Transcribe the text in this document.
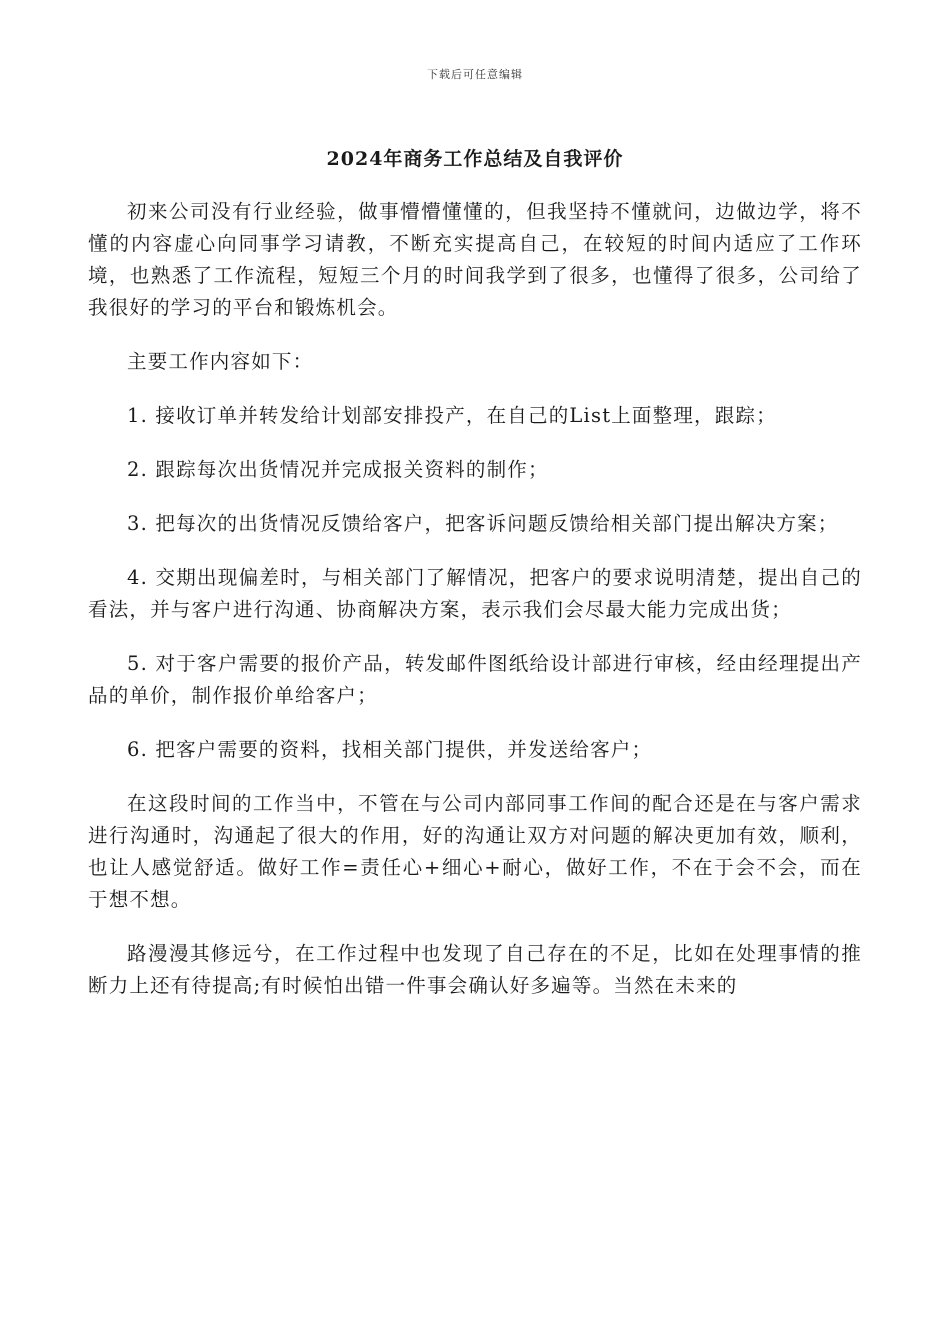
下载后可任意编辑
2024年商务工作总结及自我评价

初来公司没有行业经验，做事懵懵懂懂的，但我坚持不懂就问，边做边学，将不懂的内容虚心向同事学习请教，不断充实提高自己，在较短的时间内适应了工作环境，也熟悉了工作流程，短短三个月的时间我学到了很多，也懂得了很多，公司给了我很好的学习的平台和锻炼机会。

主要工作内容如下：

1. 接收订单并转发给计划部安排投产，在自己的List上面整理，跟踪；

2. 跟踪每次出货情况并完成报关资料的制作；

3. 把每次的出货情况反馈给客户，把客诉问题反馈给相关部门提出解决方案；

4. 交期出现偏差时，与相关部门了解情况，把客户的要求说明清楚，提出自己的看法，并与客户进行沟通、协商解决方案，表示我们会尽最大能力完成出货；

5. 对于客户需要的报价产品，转发邮件图纸给设计部进行审核，经由经理提出产品的单价，制作报价单给客户；

6. 把客户需要的资料，找相关部门提供，并发送给客户；

在这段时间的工作当中，不管在与公司内部同事工作间的配合还是在与客户需求进行沟通时，沟通起了很大的作用，好的沟通让双方对问题的解决更加有效，顺利，也让人感觉舒适。做好工作=责任心+细心+耐心，做好工作，不在于会不会，而在于想不想。

路漫漫其修远兮，在工作过程中也发现了自己存在的不足，比如在处理事情的推断力上还有待提高;有时候怕出错一件事会确认好多遍等。当然在未来的
